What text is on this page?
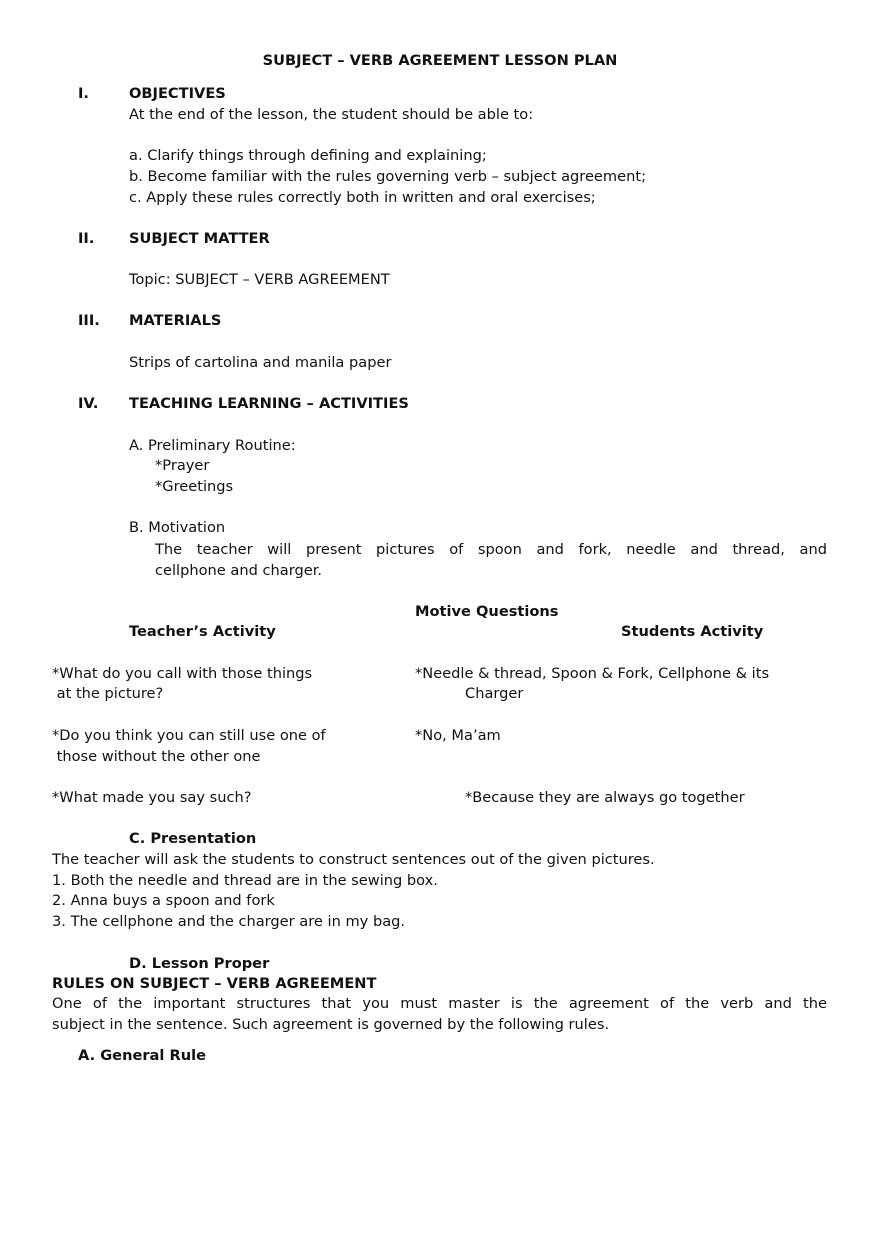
SUBJECT – VERB AGREEMENT LESSON PLAN
I.	OBJECTIVES
At the end of the lesson, the student should be able to:
a. Clarify things through defining and explaining;
b. Become familiar with the rules governing verb – subject agreement;
c. Apply these rules correctly both in written and oral exercises;
II. SUBJECT MATTER
Topic: SUBJECT – VERB AGREEMENT
III. MATERIALS
Strips of cartolina and manila paper
IV. TEACHING LEARNING – ACTIVITIES
A. Preliminary Routine:
*Prayer
*Greetings
B. Motivation
The teacher will present pictures of spoon and fork, needle and thread, and
cellphone and charger.
Motive Questions
Teacher’s Activity	Students Activity
*What do you call with those things
at the picture?
*Needle & thread, Spoon & Fork, Cellphone & its
Charger
*Do you think you can still use one of
those without the other one
*No, Ma’am
*What made you say such?	*Because they are always go together
C. Presentation
The teacher will ask the students to construct sentences out of the given pictures.
1. Both the needle and thread are in the sewing box.
2. Anna buys a spoon and fork
3. The cellphone and the charger are in my bag.
D. Lesson Proper
RULES ON SUBJECT – VERB AGREEMENT
One of the important structures that you must master is the agreement of the verb and the
subject in the sentence. Such agreement is governed by the following rules.
A. General Rule
